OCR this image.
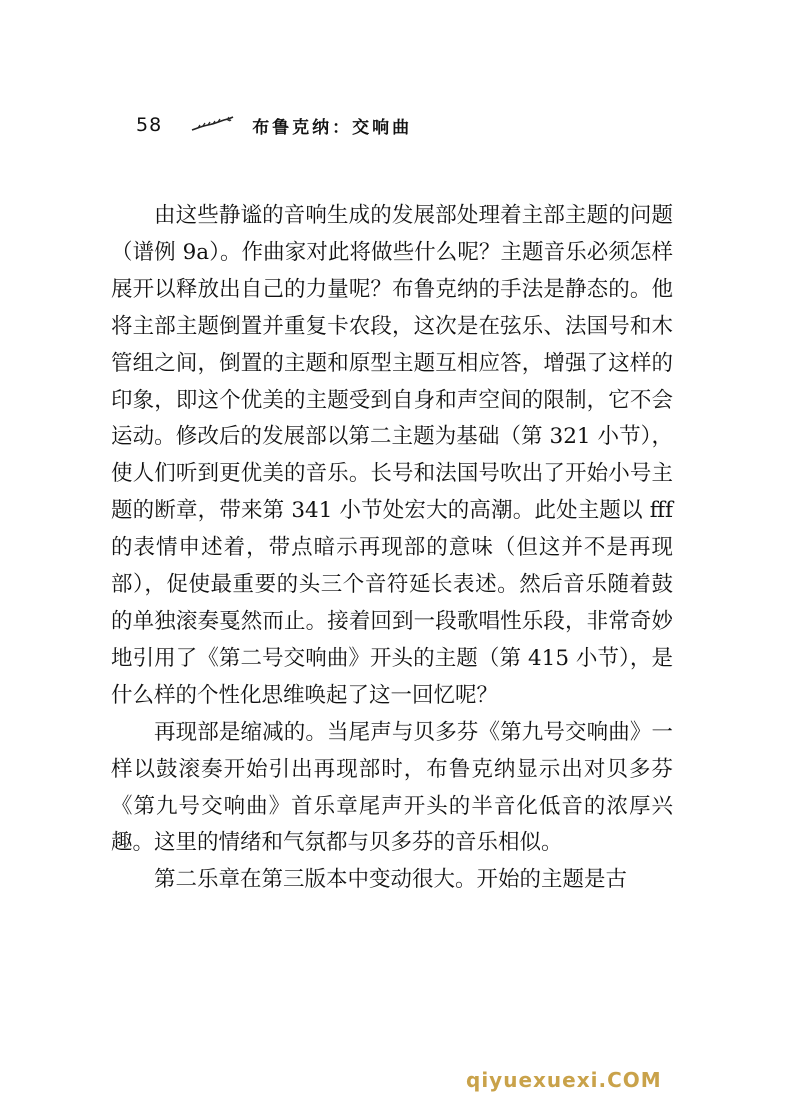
58	布鲁克纳：交响曲

由这些静谧的音响生成的发展部处理着主部主题的问题（谱例 9a）。作曲家对此将做些什么呢？主题音乐必须怎样展开以释放出自己的力量呢？布鲁克纳的手法是静态的。他将主部主题倒置并重复卡农段，这次是在弦乐、法国号和木管组之间，倒置的主题和原型主题互相应答，增强了这样的印象，即这个优美的主题受到自身和声空间的限制，它不会运动。修改后的发展部以第二主题为基础（第 321 小节），使人们听到更优美的音乐。长号和法国号吹出了开始小号主题的断章，带来第 341 小节处宏大的高潮。此处主题以 fff 的表情申述着，带点暗示再现部的意味（但这并不是再现部），促使最重要的头三个音符延长表述。然后音乐随着鼓的单独滚奏戛然而止。接着回到一段歌唱性乐段，非常奇妙地引用了《第二号交响曲》开头的主题（第 415 小节），是什么样的个性化思维唤起了这一回忆呢？

再现部是缩减的。当尾声与贝多芬《第九号交响曲》一样以鼓滚奏开始引出再现部时，布鲁克纳显示出对贝多芬《第九号交响曲》首乐章尾声开头的半音化低音的浓厚兴趣。这里的情绪和气氛都与贝多芬的音乐相似。

第二乐章在第三版本中变动很大。开始的主题是古

qiyuexuexi.COM
